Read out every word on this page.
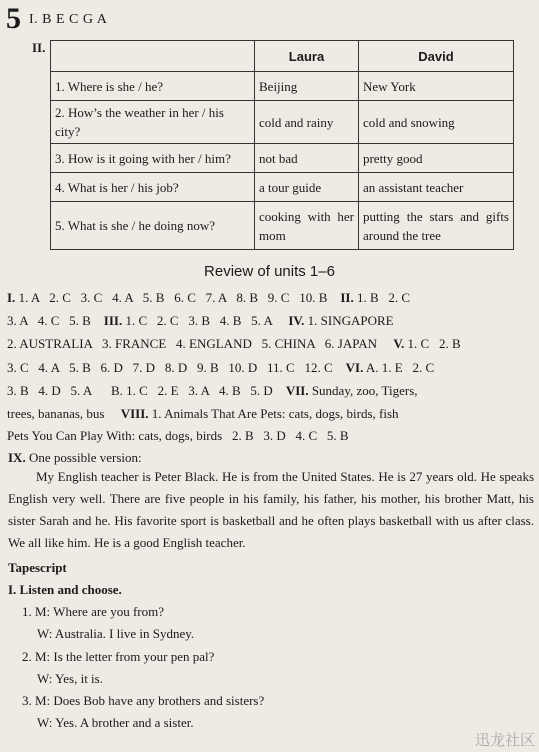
5 I. B E C G A
II.
	Laura	David
1. Where is she / he?	Beijing	New York
2. How’s the weather in her / his city?	cold and rainy	cold and snowing
3. How is it going with her / him?	not bad	pretty good
4. What is her / his job?	a tour guide	an assistant teacher
5. What is she / he doing now?	cooking with her mom	putting the stars and gifts around the tree
Review of units 1–6
I. 1. A   2. C   3. C   4. A   5. B   6. C   7. A   8. B   9. C   10. B    II. 1. B   2. C
3. A   4. C   5. B    III. 1. C   2. C   3. B   4. B   5. A     IV. 1. SINGAPORE
2. AUSTRALIA   3. FRANCE   4. ENGLAND   5. CHINA   6. JAPAN     V. 1. C   2. B
3. C   4. A   5. B   6. D   7. D   8. D   9. B   10. D   11. C   12. C    VI. A. 1. E   2. C
3. B   4. D   5. A      B. 1. C   2. E   3. A   4. B   5. D    VII. Sunday, zoo, Tigers,
trees, bananas, bus     VIII. 1. Animals That Are Pets: cats, dogs, birds, fish
Pets You Can Play With: cats, dogs, birds   2. B   3. D   4. C   5. B
IX. One possible version:
My English teacher is Peter Black. He is from the United States. He is 27 years old. He speaks English very well. There are five people in his family, his father, his mother, his brother Matt, his sister Sarah and he. His favorite sport is basketball and he often plays basketball with us after class. We all like him. He is a good English teacher.
Tapescript
I. Listen and choose.
1. M: Where are you from?
W: Australia. I live in Sydney.
2. M: Is the letter from your pen pal?
W: Yes, it is.
3. M: Does Bob have any brothers and sisters?
W: Yes. A brother and a sister.
迅龙社区
